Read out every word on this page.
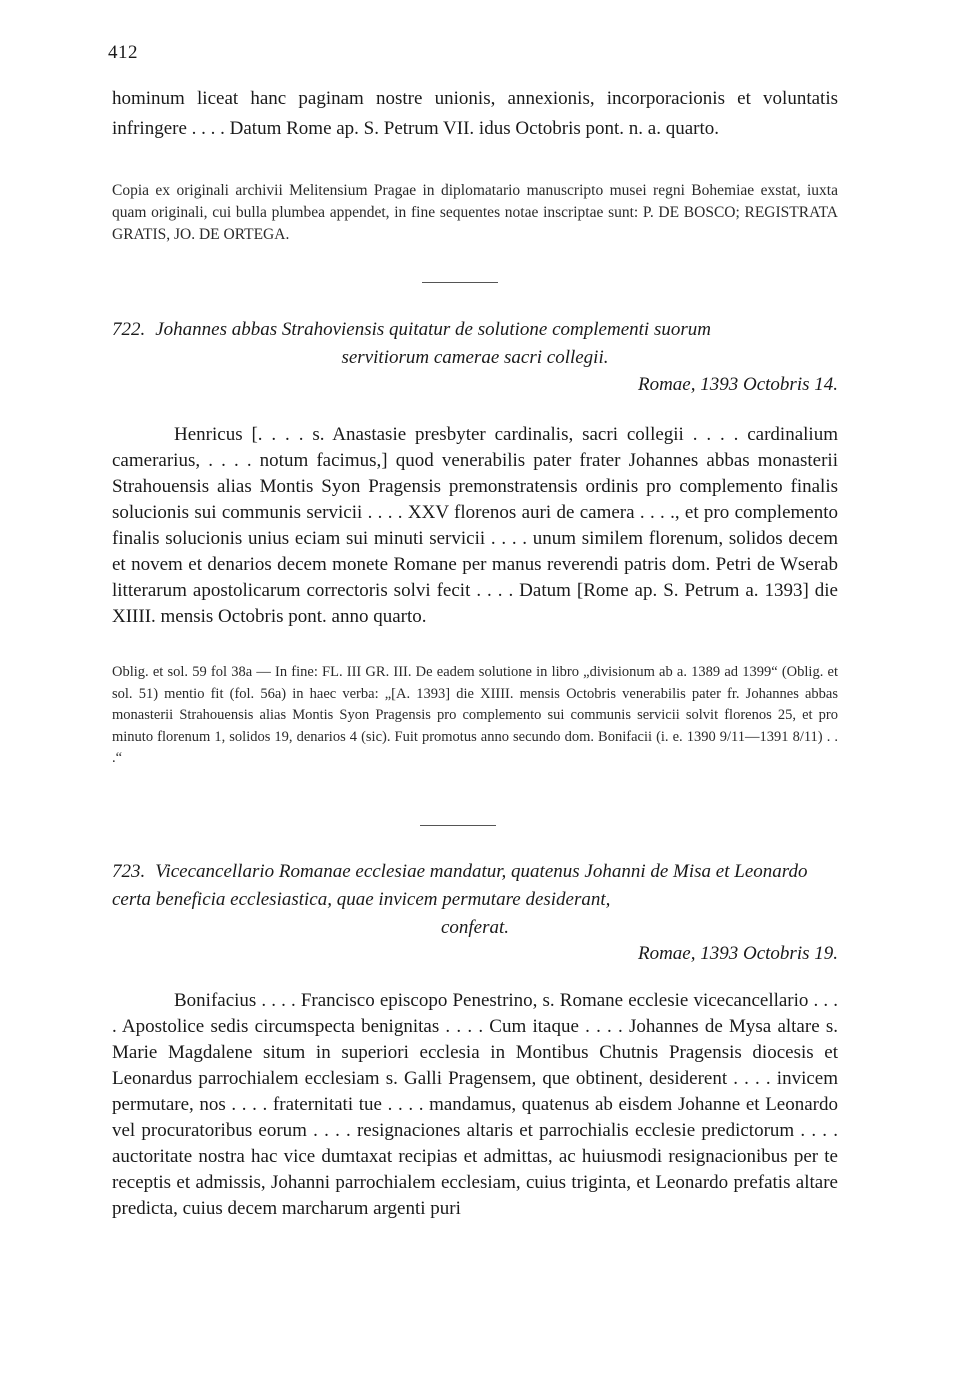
412

hominum liceat hanc paginam nostre unionis, annexionis, incorporacionis et voluntatis infringere . . . . Datum Rome ap. S. Petrum VII. idus Octobris pont. n. a. quarto.

Copia ex originali archivii Melitensium Pragae in diplomatario manuscripto musei regni Bohemiae exstat, iuxta quam originali, cui bulla plumbea appendet, in fine sequentes notae inscriptae sunt: P. DE BOSCO; REGISTRATA GRATIS, JO. DE ORTEGA.

722. Johannes abbas Strahoviensis quitatur de solutione complementi suorum
servitiorum camerae sacri collegii.
Romae, 1393 Octobris 14.

Henricus [. . . . s. Anastasie presbyter cardinalis, sacri collegii . . . . cardinalium camerarius, . . . . notum facimus,] quod venerabilis pater frater Johannes abbas monasterii Strahouensis alias Montis Syon Pragensis premonstratensis ordinis pro complemento finalis solucionis sui communis servicii . . . . XXV florenos auri de camera . . . ., et pro complemento finalis solucionis unius eciam sui minuti servicii . . . . unum similem florenum, solidos decem et novem et denarios decem monete Romane per manus reverendi patris dom. Petri de Wserab litterarum apostolicarum correctoris solvi fecit . . . . Datum [Rome ap. S. Petrum a. 1393] die XIIII. mensis Octobris pont. anno quarto.

Oblig. et sol. 59 fol 38a — In fine: FL. III GR. III. De eadem solutione in libro „divisionum ab a. 1389 ad 1399“ (Oblig. et sol. 51) mentio fit (fol. 56a) in haec verba: „[A. 1393] die XIIII. mensis Octobris venerabilis pater fr. Johannes abbas monasterii Strahouensis alias Montis Syon Pragensis pro complemento sui communis servicii solvit florenos 25, et pro minuto florenum 1, solidos 19, denarios 4 (sic). Fuit promotus anno secundo dom. Bonifacii (i. e. 1390 9/11—1391 8/11) . . .“

723. Vicecancellario Romanae ecclesiae mandatur, quatenus Johanni de Misa et Leonardo certa beneficia ecclesiastica, quae invicem permutare desiderant,
conferat.
Romae, 1393 Octobris 19.

Bonifacius . . . . Francisco episcopo Penestrino, s. Romane ecclesie vicecancellario . . . . Apostolice sedis circumspecta benignitas . . . . Cum itaque . . . . Johannes de Mysa altare s. Marie Magdalene situm in superiori ecclesia in Montibus Chutnis Pragensis diocesis et Leonardus parrochialem ecclesiam s. Galli Pragensem, que obtinent, desiderent . . . . invicem permutare, nos . . . . fraternitati tue . . . . mandamus, quatenus ab eisdem Johanne et Leonardo vel procuratoribus eorum . . . . resignaciones altaris et parrochialis ecclesie predictorum . . . . auctoritate nostra hac vice dumtaxat recipias et admittas, ac huiusmodi resignacionibus per te receptis et admissis, Johanni parrochialem ecclesiam, cuius triginta, et Leonardo prefatis altare predicta, cuius decem marcharum argenti puri
